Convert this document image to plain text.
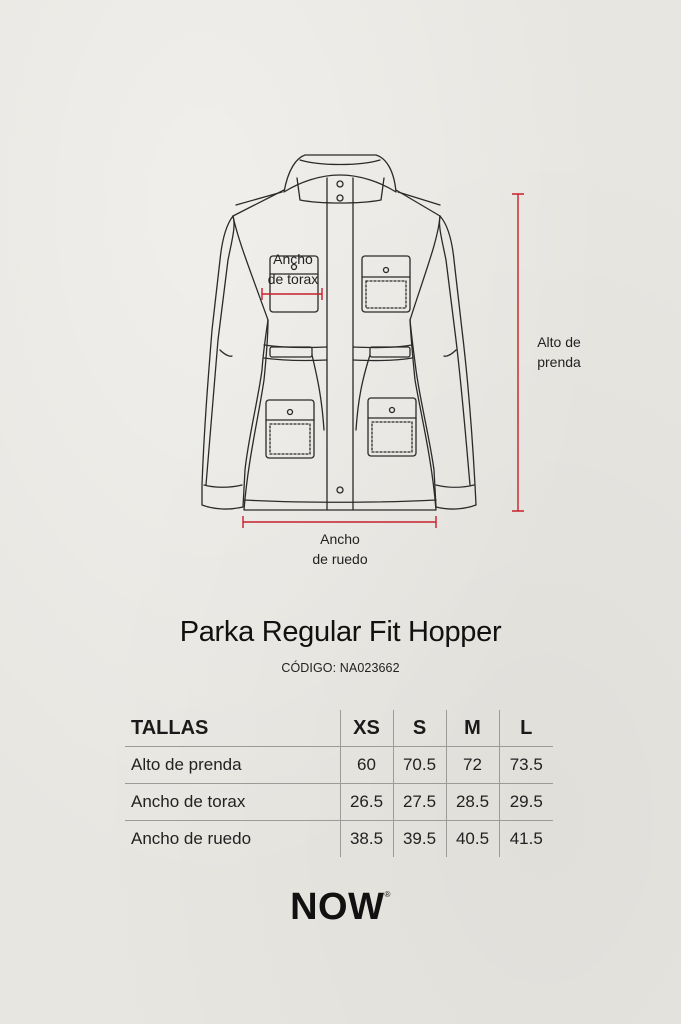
Ancho
de torax
Alto de
prenda
Ancho
de ruedo
Parka Regular Fit Hopper
CÓDIGO: NA023662
TALLAS	XS	S	M	L
Alto de prenda	60	70.5	72	73.5
Ancho de torax	26.5	27.5	28.5	29.5
Ancho de ruedo	38.5	39.5	40.5	41.5
NOW®
